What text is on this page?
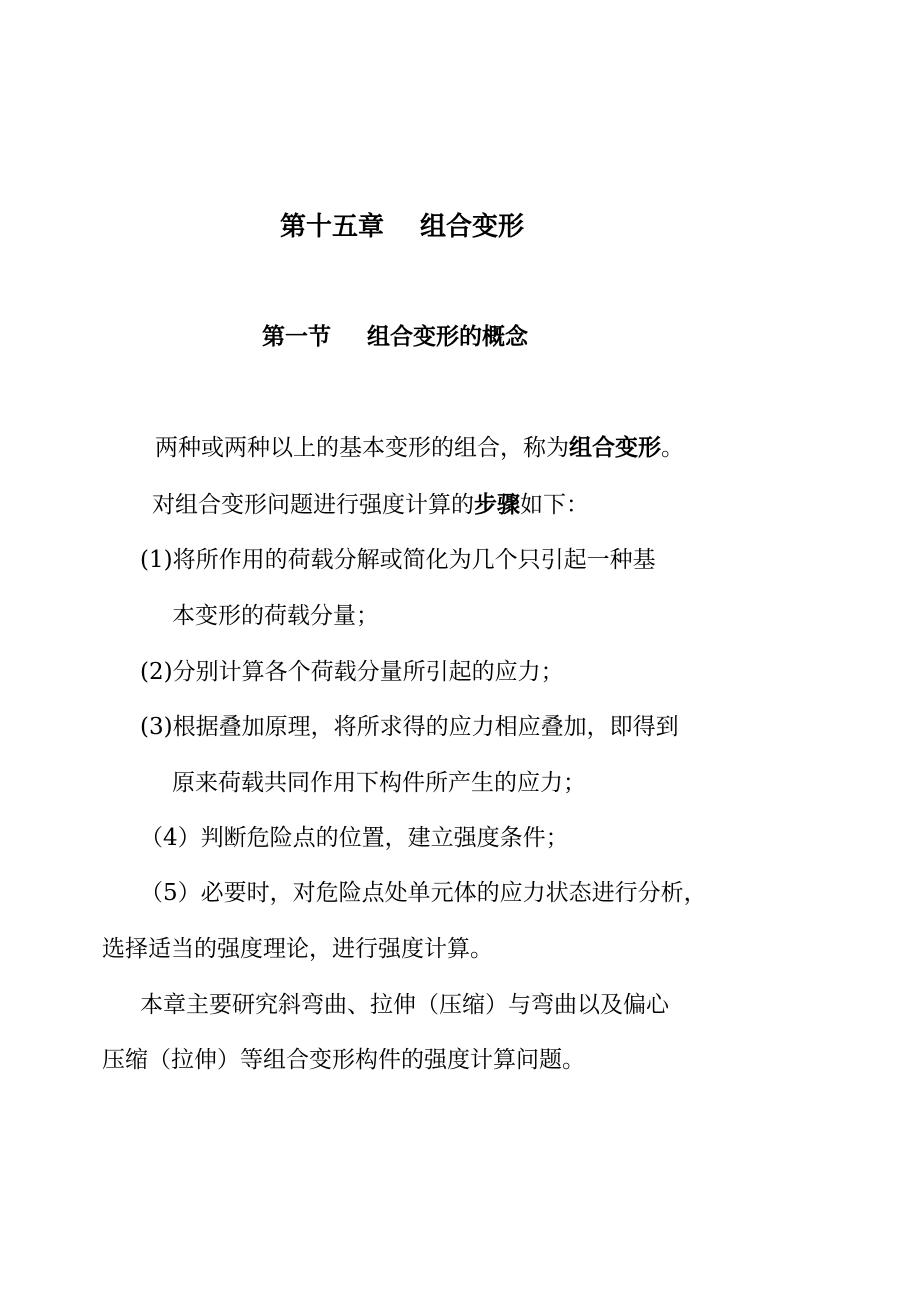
第十五章 组合变形
第一节 组合变形的概念
两种或两种以上的基本变形的组合，称为组合变形。
对组合变形问题进行强度计算的步骤如下：
(1)将所作用的荷载分解或简化为几个只引起一种基
本变形的荷载分量；
(2)分别计算各个荷载分量所引起的应力；
(3)根据叠加原理，将所求得的应力相应叠加，即得到
原来荷载共同作用下构件所产生的应力；
（4）判断危险点的位置，建立强度条件；
（5）必要时，对危险点处单元体的应力状态进行分析，
选择适当的强度理论，进行强度计算。
本章主要研究斜弯曲、拉伸（压缩）与弯曲以及偏心
压缩（拉伸）等组合变形构件的强度计算问题。
